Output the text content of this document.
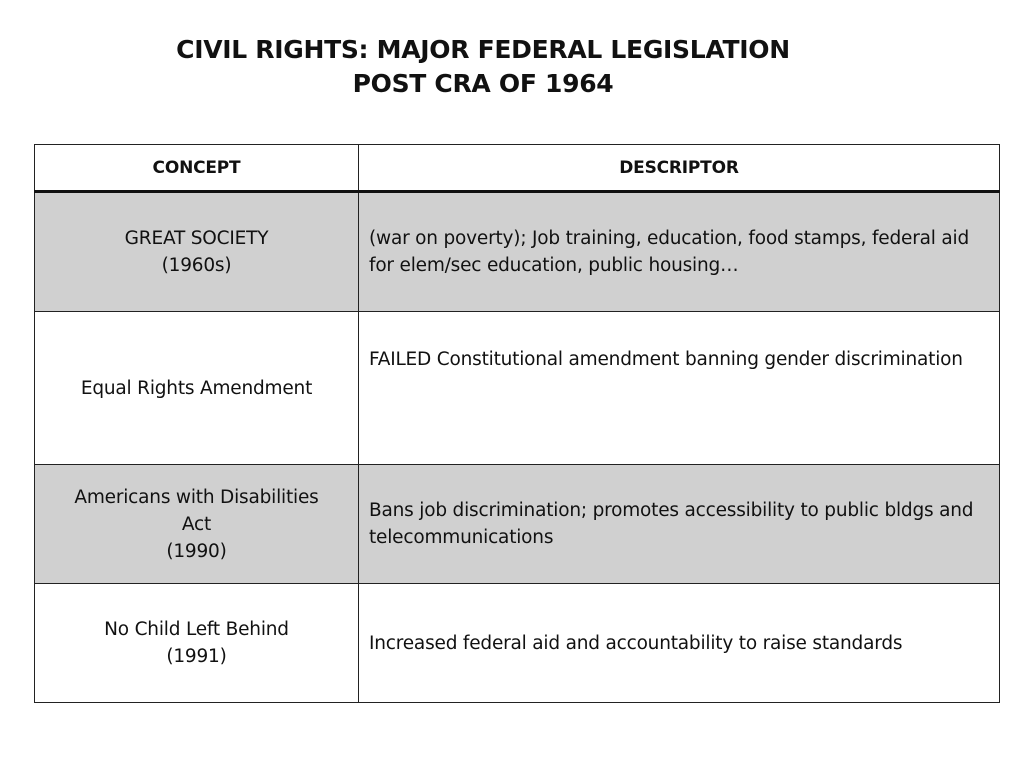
CIVIL RIGHTS: MAJOR FEDERAL LEGISLATION
POST CRA OF 1964
CONCEPT	DESCRIPTOR

GREAT SOCIETY
(1960s)	(war on poverty); Job training, education, food stamps, federal aid for elem/sec education, public housing…

Equal Rights Amendment	FAILED Constitutional amendment banning gender discrimination

Americans with Disabilities
Act
(1990)	Bans job discrimination; promotes accessibility to public bldgs and telecommunications

No Child Left Behind
(1991)	Increased federal aid and accountability to raise standards
